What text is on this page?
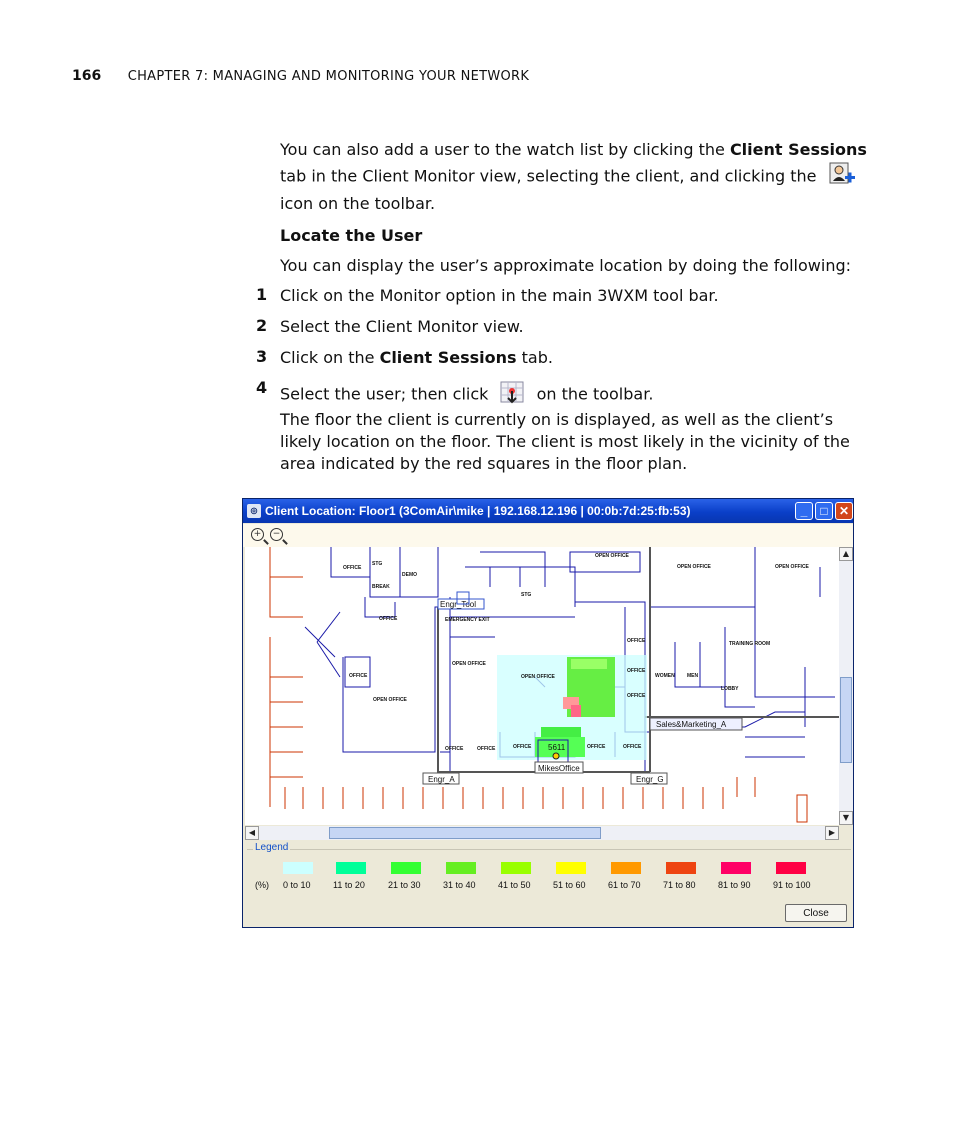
166 CHAPTER 7: MANAGING AND MONITORING YOUR NETWORK
You can also add a user to the watch list by clicking the Client Sessions
tab in the Client Monitor view, selecting the client, and clicking the
icon on the toolbar.
Locate the User
You can display the user’s approximate location by doing the following:
1 Click on the Monitor option in the main 3WXM tool bar.
2 Select the Client Monitor view.
3 Click on the Client Sessions tab.
4 Select the user; then click	on the toolbar.
The floor the client is currently on is displayed, as well as the client’s likely location on the floor. The client is most likely in the vicinity of the area indicated by the red squares in the floor plan.
◎ Client Location: Floor1 (3ComAir\mike | 192.168.12.196 | 00:0b:7d:25:fb:53)	_	□ ✕
+	−
OFFICE
STG
BREAK
DEMO
STG
OFFICE	EMERGENCY EXIT
OFFICE
OPEN OFFICE
OPEN OFFICE
OPEN OFFICE
OFFICE
OFFICE
OFFICE
WOMEN MEN
LOBBY
TRAINING ROOM
OPEN OFFICE	OPEN OFFICE
OPEN OFFICE
OFFICE	OFFICE	OFFICE	OFFICE	OFFICE
5611
Engr_Tool
Sales&Marketing_A
MikesOffice
Engr_A	Engr_G
▲
▼
◀	▶
Legend
(%) 0 to 10 11 to 20	21 to 30 31 to 40 41 to 50 51 to 60 61 to 70 71 to 80 81 to 90 91 to 100
Close
